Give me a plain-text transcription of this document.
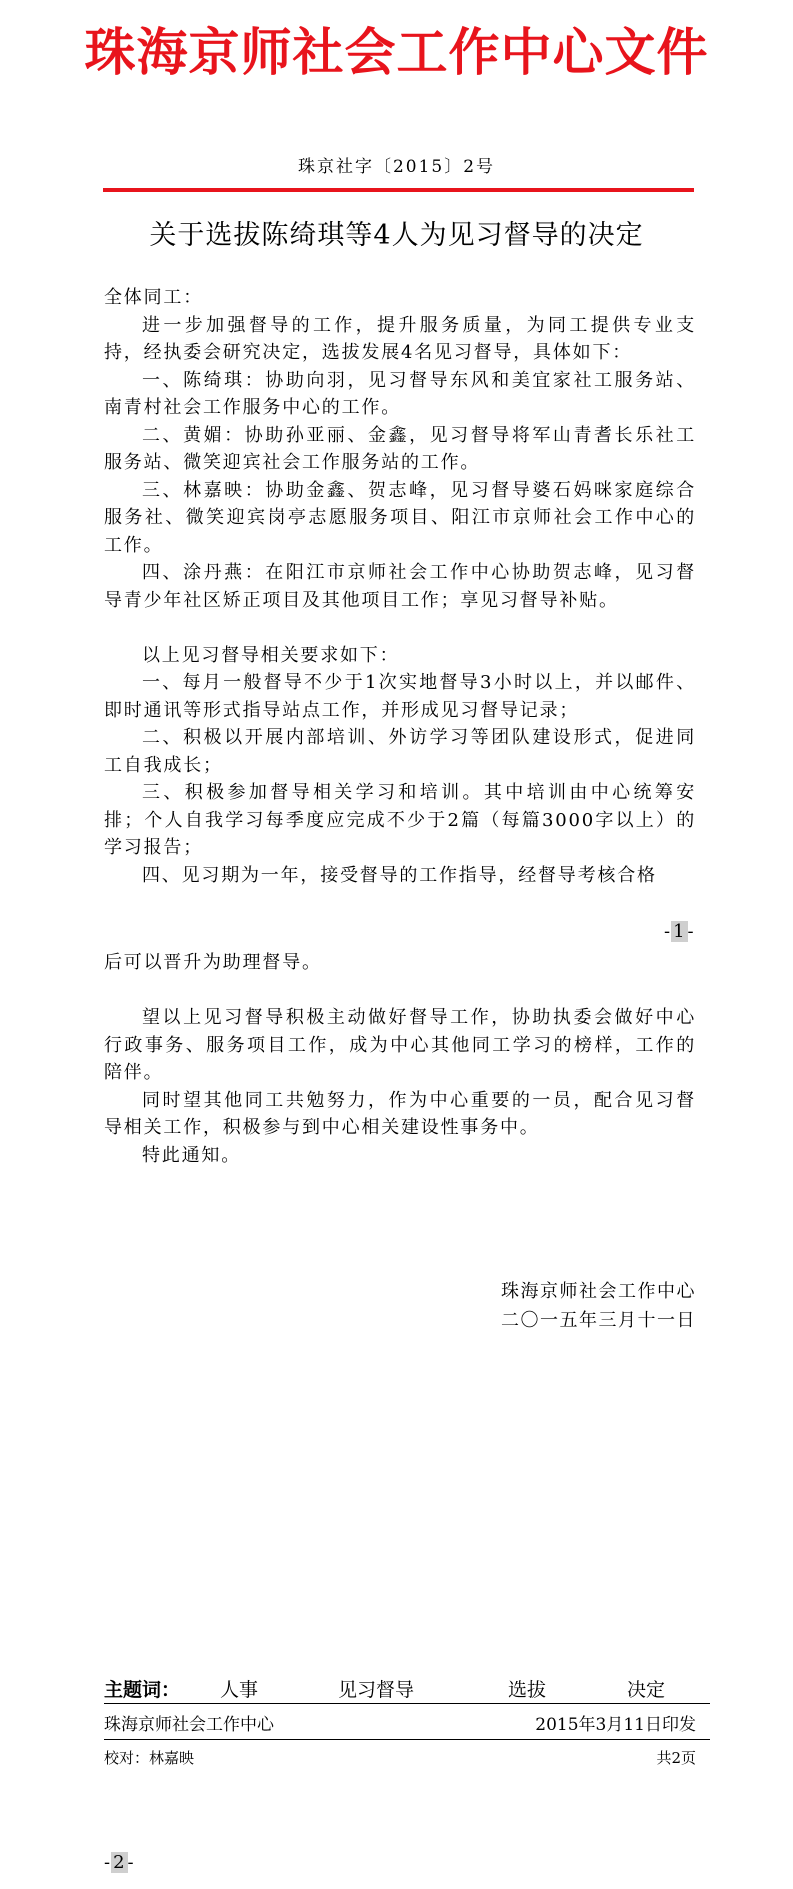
珠海京师社会工作中心文件
珠京社字〔2015〕2号
关于选拔陈绮琪等4人为见习督导的决定

全体同工：

进一步加强督导的工作，提升服务质量，为同工提供专业支持，经执委会研究决定，选拔发展4名见习督导，具体如下：

一、陈绮琪：协助向羽，见习督导东风和美宜家社工服务站、南青村社会工作服务中心的工作。

二、黄媚：协助孙亚丽、金鑫，见习督导将军山青耆长乐社工服务站、微笑迎宾社会工作服务站的工作。

三、林嘉映：协助金鑫、贺志峰，见习督导婆石妈咪家庭综合服务社、微笑迎宾岗亭志愿服务项目、阳江市京师社会工作中心的工作。

四、涂丹燕：在阳江市京师社会工作中心协助贺志峰，见习督导青少年社区矫正项目及其他项目工作；享见习督导补贴。

以上见习督导相关要求如下：

一、每月一般督导不少于1次实地督导3小时以上，并以邮件、即时通讯等形式指导站点工作，并形成见习督导记录；

二、积极以开展内部培训、外访学习等团队建设形式，促进同工自我成长；

三、积极参加督导相关学习和培训。其中培训由中心统筹安排；个人自我学习每季度应完成不少于2篇（每篇3000字以上）的学习报告；

四、见习期为一年，接受督导的工作指导，经督导考核合格

- 1 -

后可以晋升为助理督导。

望以上见习督导积极主动做好督导工作，协助执委会做好中心行政事务、服务项目工作，成为中心其他同工学习的榜样，工作的陪伴。

同时望其他同工共勉努力，作为中心重要的一员，配合见习督导相关工作，积极参与到中心相关建设性事务中。

特此通知。

珠海京师社会工作中心
二〇一五年三月十一日
主题词： 人事	见习督导	选拔	决定
珠海京师社会工作中心	2015年3月11日印发
校对：林嘉映	共2页
- 2 -
